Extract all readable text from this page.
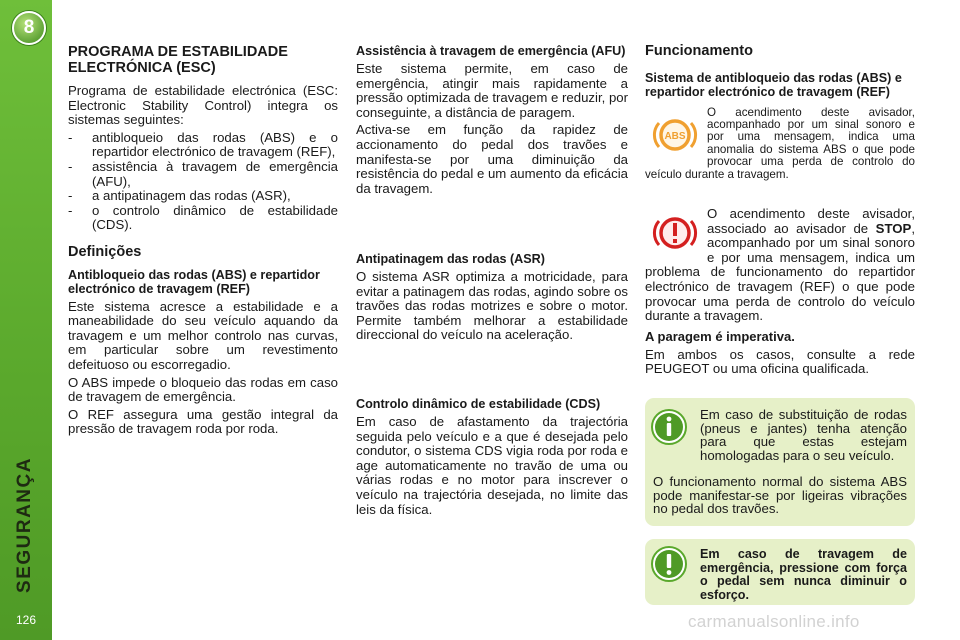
8
SEGURANÇA
126
PROGRAMA DE ESTABILIDADE ELECTRÓNICA (ESC)

Programa de estabilidade electrónica (ESC: Electronic Stability Control) integra os sistemas seguintes:

- antibloqueio das rodas (ABS) e o repartidor electrónico de travagem (REF),
- assistência à travagem de emergência (AFU),
- a antipatinagem das rodas (ASR),
- o controlo dinâmico de estabilidade (CDS).
Definições
Antibloqueio das rodas (ABS) e repartidor electrónico de travagem (REF)

Este sistema acresce a estabilidade e a maneabilidade do seu veículo aquando da travagem e um melhor controlo nas curvas, em particular sobre um revestimento defeituoso ou escorregadio.

O ABS impede o bloqueio das rodas em caso de travagem de emergência.

O REF assegura uma gestão integral da pressão de travagem roda por roda.

Assistência à travagem de emergência (AFU)

Este sistema permite, em caso de emergência, atingir mais rapidamente a pressão optimizada de travagem e reduzir, por conseguinte, a distância de paragem.

Activa-se em função da rapidez de accionamento do pedal dos travões e manifesta-se por uma diminuição da resistência do pedal e um aumento da eficácia da travagem.

Antipatinagem das rodas (ASR)

O sistema ASR optimiza a motricidade, para evitar a patinagem das rodas, agindo sobre os travões das rodas motrizes e sobre o motor. Permite também melhorar a estabilidade direccional do veículo na aceleração.

Controlo dinâmico de estabilidade (CDS)

Em caso de afastamento da trajectória seguida pelo veículo e a que é desejada pelo condutor, o sistema CDS vigia roda por roda e age automaticamente no travão de uma ou várias rodas e no motor para inscrever o veículo na trajectória desejada, no limite das leis da física.

Funcionamento
Sistema de antibloqueio das rodas (ABS) e repartidor electrónico de travagem (REF)
ABS
O acendimento deste avisador, acompanhado por um sinal sonoro e por uma mensagem, indica uma anomalia do sistema ABS o que pode provocar uma perda de controlo do veículo durante a travagem.
O acendimento deste avisador, associado ao avisador de STOP, acompanhado por um sinal sonoro e por uma mensagem, indica um problema de funcionamento do repartidor electrónico de travagem (REF) o que pode provocar uma perda de controlo do veículo durante a travagem.
A paragem é imperativa.

Em ambos os casos, consulte a rede PEUGEOT ou uma oficina qualificada.

Em caso de substituição de rodas (pneus e jantes) tenha atenção para que estas estejam homologadas para o seu veículo.
O funcionamento normal do sistema ABS pode manifestar-se por ligeiras vibrações no pedal dos travões.
Em caso de travagem de emergência, pressione com força o pedal sem nunca diminuir o esforço.
carmanualsonline.info
